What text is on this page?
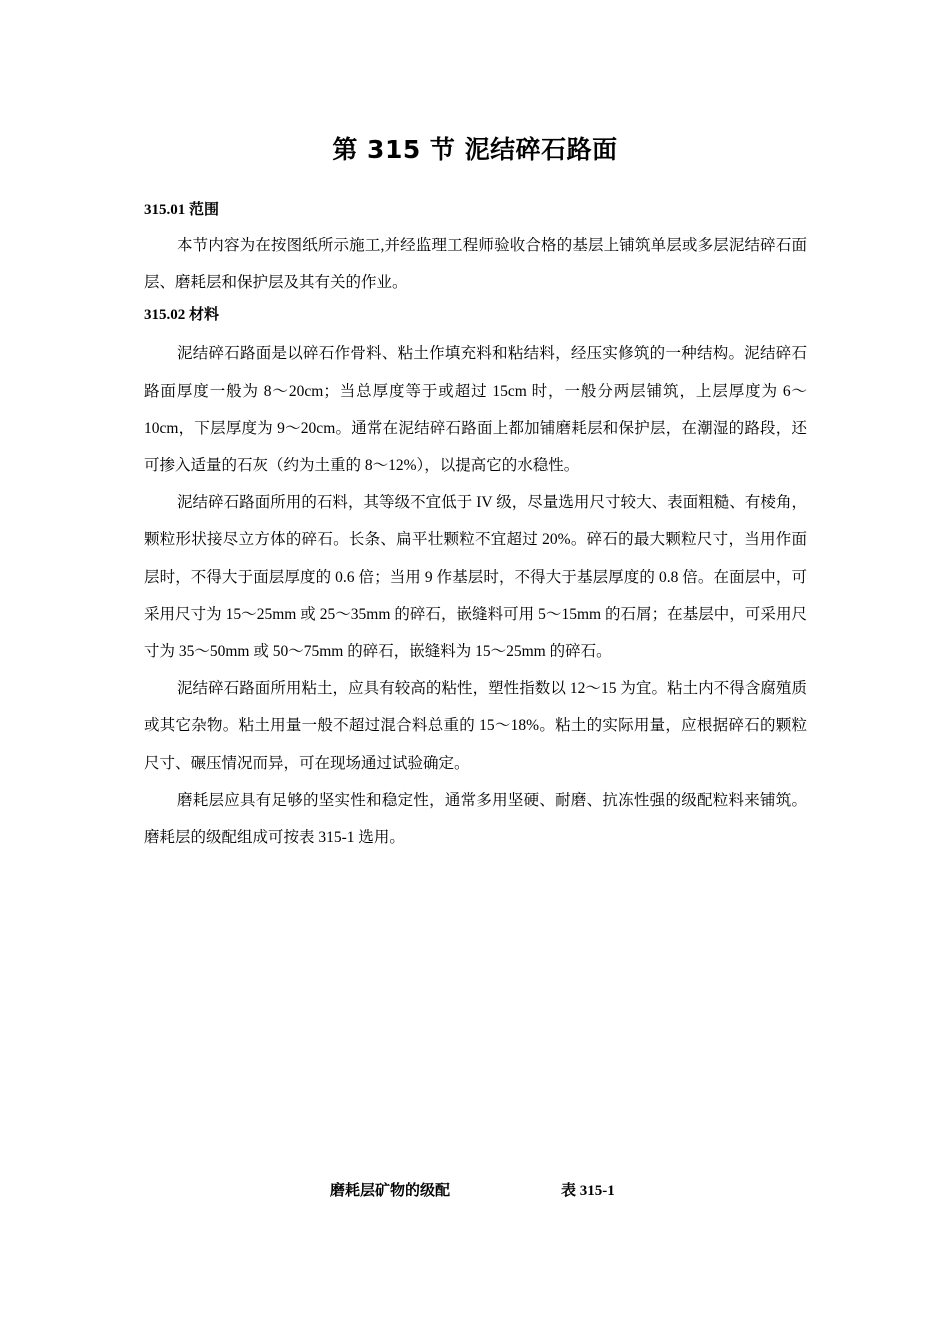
第 315 节 泥结碎石路面

315.01 范围

本节内容为在按图纸所示施工,并经监理工程师验收合格的基层上铺筑单层或多层泥结碎石面层、磨耗层和保护层及其有关的作业。

315.02 材料

泥结碎石路面是以碎石作骨料、粘土作填充料和粘结料，经压实修筑的一种结构。泥结碎石路面厚度一般为 8～20cm；当总厚度等于或超过 15cm 时，一般分两层铺筑，上层厚度为 6～10cm，下层厚度为 9～20cm。通常在泥结碎石路面上都加铺磨耗层和保护层，在潮湿的路段，还可掺入适量的石灰（约为土重的 8～12%），以提高它的水稳性。

泥结碎石路面所用的石料，其等级不宜低于 IV 级，尽量选用尺寸较大、表面粗糙、有棱角，颗粒形状接尽立方体的碎石。长条、扁平壮颗粒不宜超过 20%。碎石的最大颗粒尺寸，当用作面层时，不得大于面层厚度的 0.6 倍；当用 9 作基层时，不得大于基层厚度的 0.8 倍。在面层中，可采用尺寸为 15～25mm 或 25～35mm 的碎石，嵌缝料可用 5～15mm 的石屑；在基层中，可采用尺寸为 35～50mm 或 50～75mm 的碎石，嵌缝料为 15～25mm 的碎石。

泥结碎石路面所用粘土，应具有较高的粘性，塑性指数以 12～15 为宜。粘土内不得含腐殖质或其它杂物。粘土用量一般不超过混合料总重的 15～18%。粘土的实际用量，应根据碎石的颗粒尺寸、碾压情况而异，可在现场通过试验确定。

磨耗层应具有足够的坚实性和稳定性，通常多用坚硬、耐磨、抗冻性强的级配粒料来铺筑。磨耗层的级配组成可按表 315-1 选用。

磨耗层矿物的级配	表 315-1
